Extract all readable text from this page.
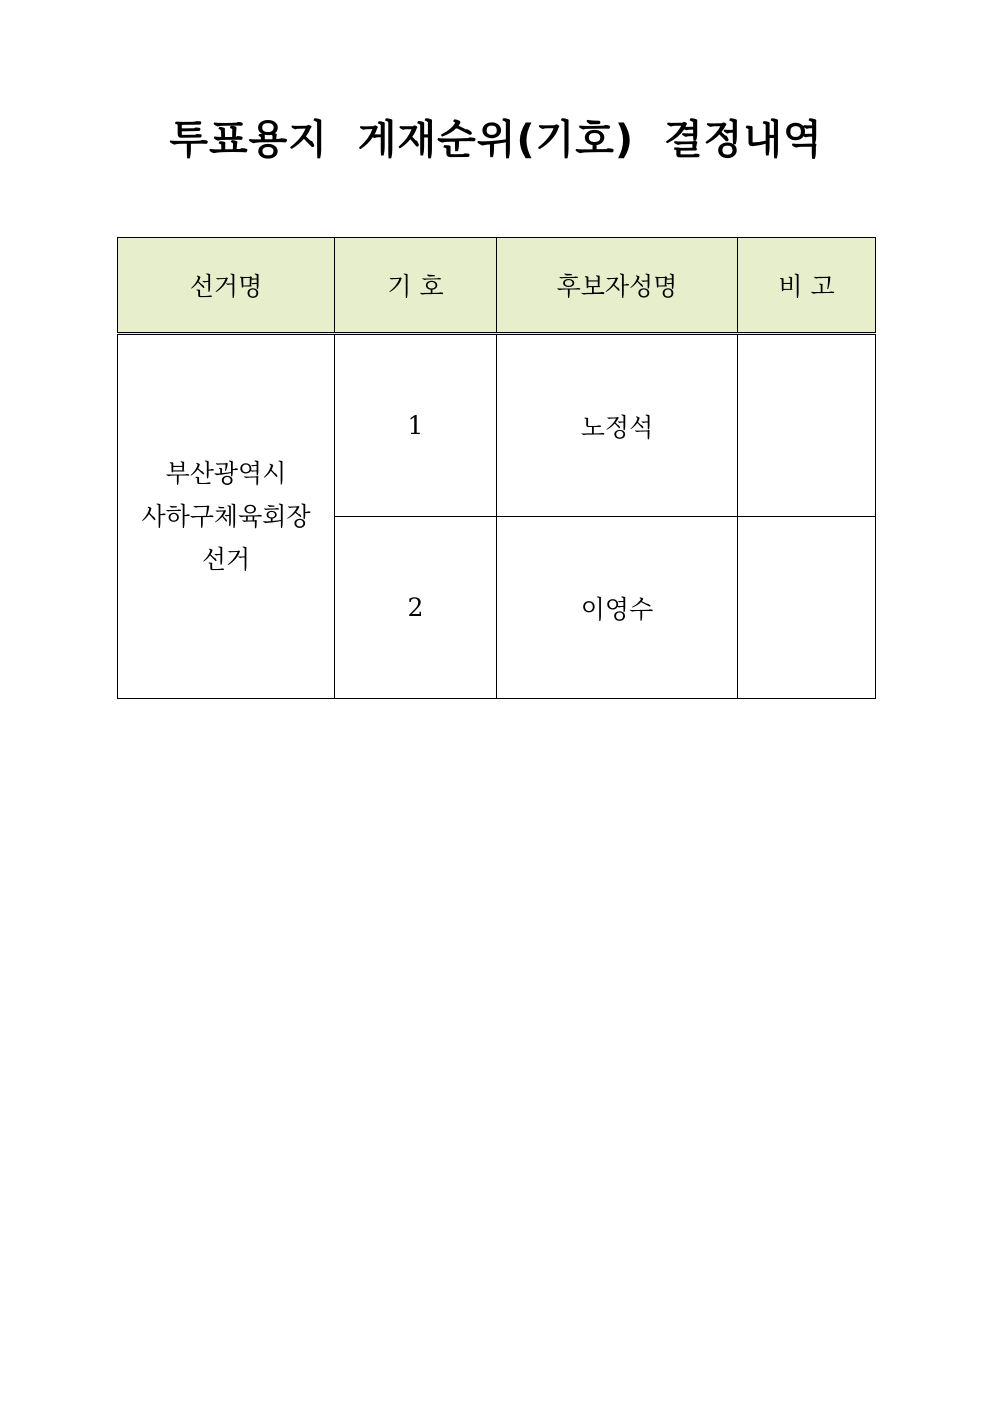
투표용지  게재순위(기호)  결정내역
선거명	기 호	후보자성명	비 고

부산광역시
사하구체육회장
선거	1	노정석	
	2	이영수	
